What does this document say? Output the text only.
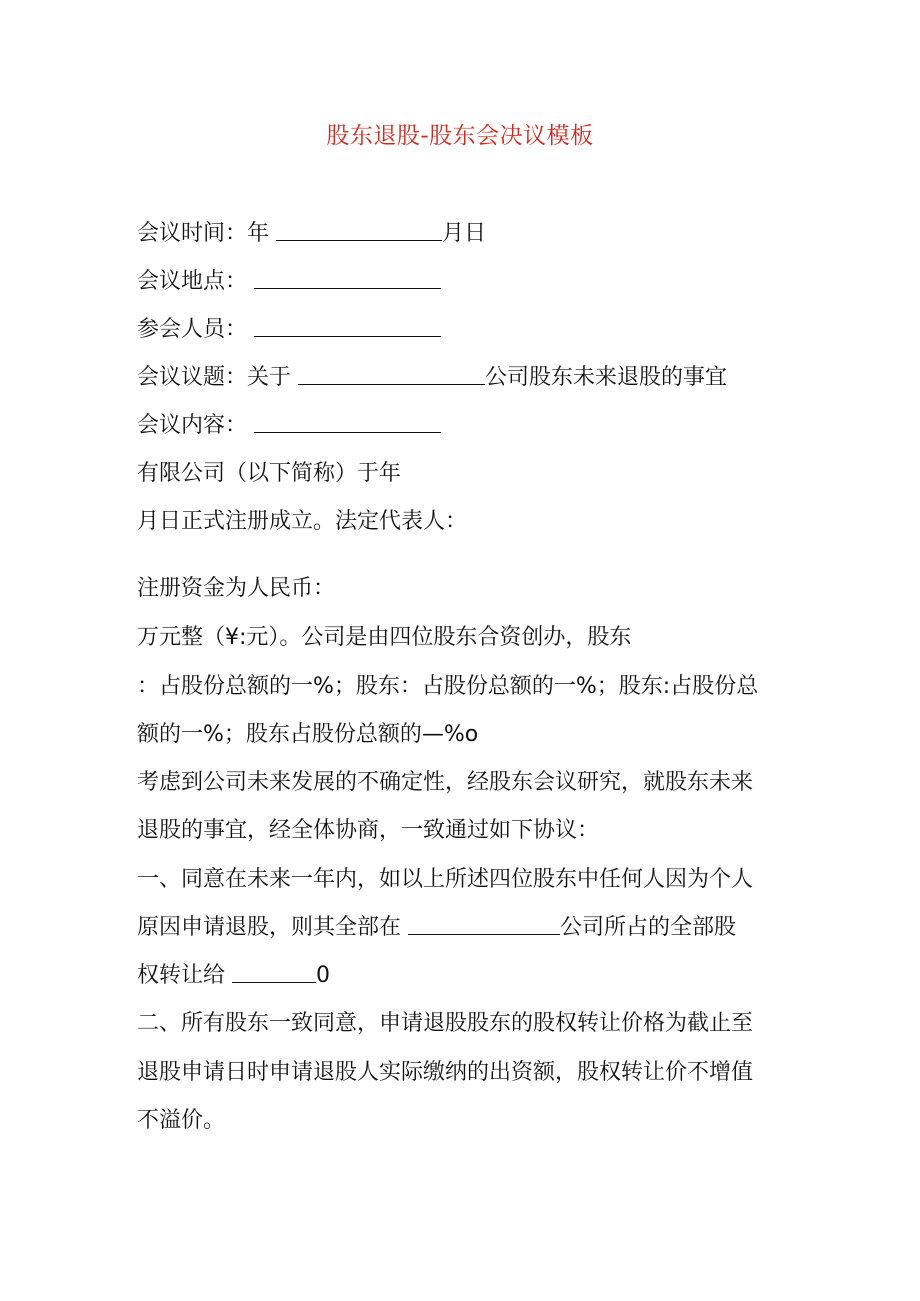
股东退股-股东会决议模板
会议时间：年	月日
会议地点：
参会人员：
会议议题：关于	公司股东未来退股的事宜
会议内容：
有限公司（以下简称）于年
月日正式注册成立。法定代表人：
注册资金为人民币：
万元整（¥:元）。公司是由四位股东合资创办，股东
：占股份总额的一%；股东：占股份总额的一%；股东:占股份总
额的一%；股东占股份总额的—%o
考虑到公司未来发展的不确定性，经股东会议研究，就股东未来
退股的事宜，经全体协商，一致通过如下协议：
一、同意在未来一年内，如以上所述四位股东中任何人因为个人
原因申请退股，则其全部在	公司所占的全部股
权转让给	0
二、所有股东一致同意，申请退股股东的股权转让价格为截止至
退股申请日时申请退股人实际缴纳的出资额，股权转让价不增值
不溢价。
